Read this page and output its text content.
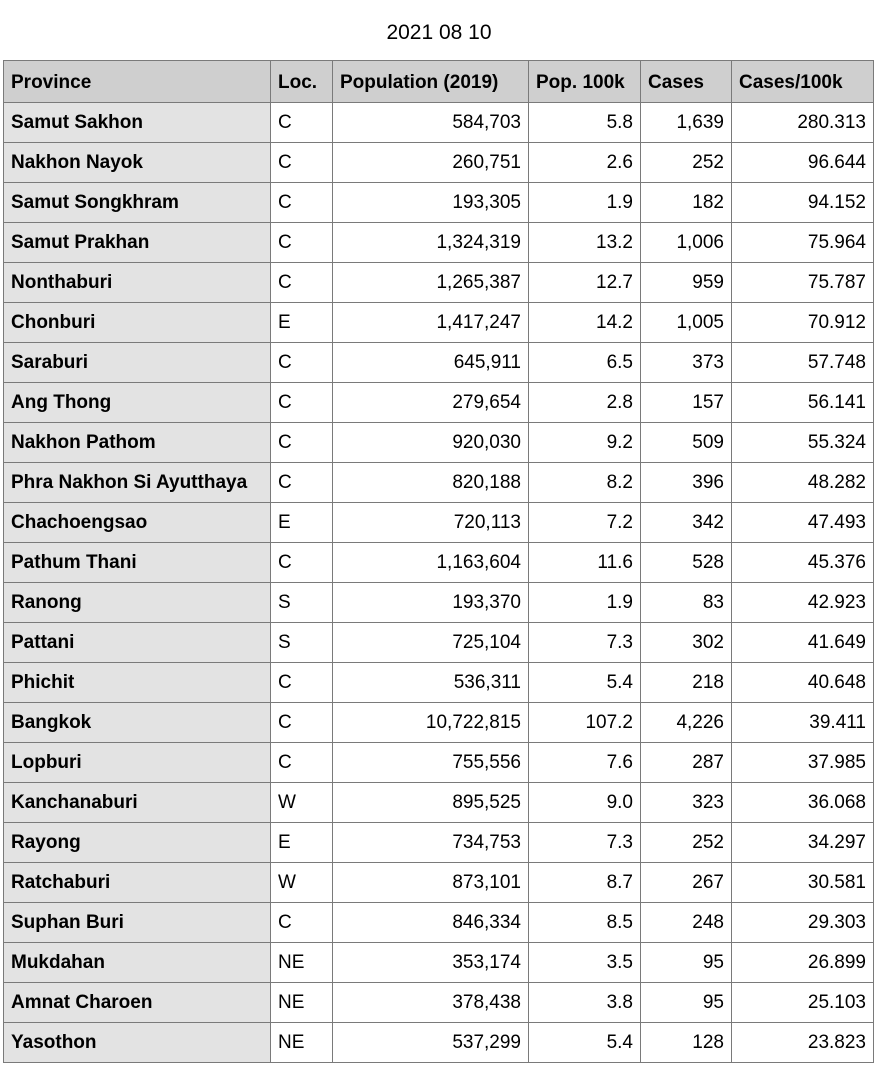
2021 08 10
Province	Loc.	Population (2019)	Pop. 100k	Cases	Cases/100k
Samut Sakhon	C	584,703	5.8	1,639	280.313
Nakhon Nayok	C	260,751	2.6	252	96.644
Samut Songkhram	C	193,305	1.9	182	94.152
Samut Prakhan	C	1,324,319	13.2	1,006	75.964
Nonthaburi	C	1,265,387	12.7	959	75.787
Chonburi	E	1,417,247	14.2	1,005	70.912
Saraburi	C	645,911	6.5	373	57.748
Ang Thong	C	279,654	2.8	157	56.141
Nakhon Pathom	C	920,030	9.2	509	55.324
Phra Nakhon Si Ayutthaya	C	820,188	8.2	396	48.282
Chachoengsao	E	720,113	7.2	342	47.493
Pathum Thani	C	1,163,604	11.6	528	45.376
Ranong	S	193,370	1.9	83	42.923
Pattani	S	725,104	7.3	302	41.649
Phichit	C	536,311	5.4	218	40.648
Bangkok	C	10,722,815	107.2	4,226	39.411
Lopburi	C	755,556	7.6	287	37.985
Kanchanaburi	W	895,525	9.0	323	36.068
Rayong	E	734,753	7.3	252	34.297
Ratchaburi	W	873,101	8.7	267	30.581
Suphan Buri	C	846,334	8.5	248	29.303
Mukdahan	NE	353,174	3.5	95	26.899
Amnat Charoen	NE	378,438	3.8	95	25.103
Yasothon	NE	537,299	5.4	128	23.823
